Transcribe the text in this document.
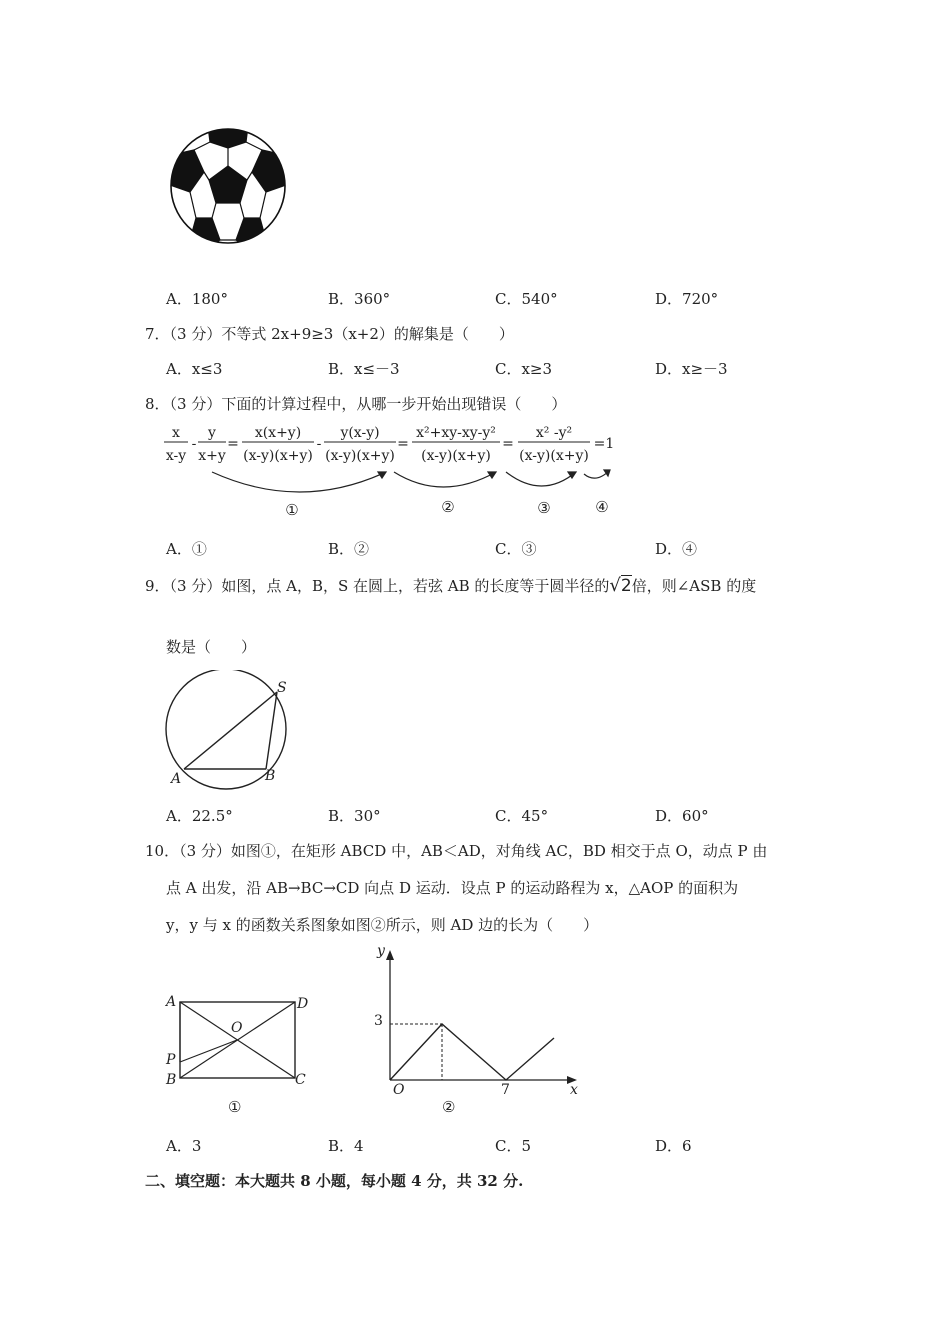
A．180°	B．360°	C．540°	D．720°
7．（3 分）不等式 2x+9≥3（x+2）的解集是（　　）
A．x≤3	B．x≤－3	C．x≥3	D．x≥－3
8．（3 分）下面的计算过程中，从哪一步开始出现错误（　　）
x
x-y
-
y
x+y
=
x(x+y)
(x-y)(x+y)
-
y(x-y)
(x-y)(x+y)
=
x²+xy-xy-y²
(x-y)(x+y)
=
x² -y²
(x-y)(x+y)
=1
①	②	③	④
A．①	B．②	C．③	D．④
9．（3 分）如图，点 A，B，S 在圆上，若弦 AB 的长度等于圆半径的√2倍，则∠ASB 的度
数是（　　）
S
A	B
A．22.5°	B．30°	C．45°	D．60°
10．（3 分）如图①，在矩形 ABCD 中，AB＜AD，对角线 AC，BD 相交于点 O，动点 P 由
点 A 出发，沿 AB→BC→CD 向点 D 运动．设点 P 的运动路程为 x，△AOP 的面积为
y，y 与 x 的函数关系图象如图②所示，则 AD 边的长为（　　）
A	D
O
P
B	C
①
y
x
O
3
7
②
A．3	B．4	C．5	D．6
二、填空题：本大题共 8 小题，每小题 4 分，共 32 分.
